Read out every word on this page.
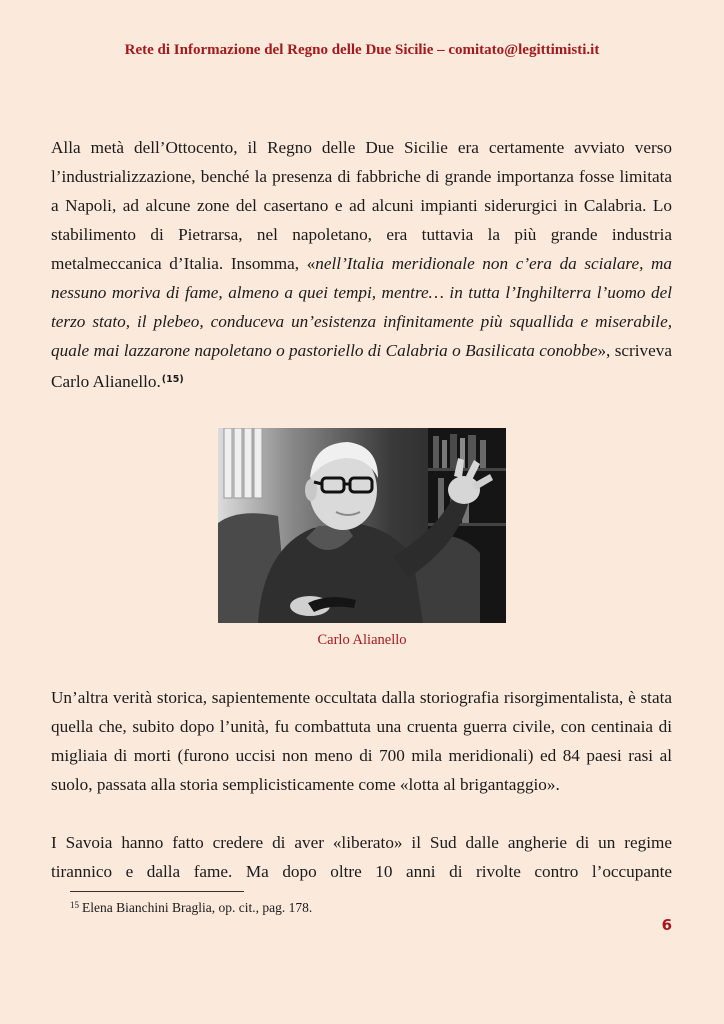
Rete di Informazione del Regno delle Due Sicilie – comitato@legittimisti.it
Alla metà dell’Ottocento, il Regno delle Due Sicilie era certamente avviato verso l’industrializzazione, benché la presenza di fabbriche di grande importanza fosse limitata a Napoli, ad alcune zone del casertano e ad alcuni impianti siderurgici in Calabria. Lo stabilimento di Pietrarsa, nel napoletano, era tuttavia la più grande industria metalmeccanica d’Italia. Insomma, «nell’Italia meridionale non c’era da scialare, ma nessuno moriva di fame, almeno a quei tempi, mentre… in tutta l’Inghilterra l’uomo del terzo stato, il plebeo, conduceva un’esistenza infinitamente più squallida e miserabile, quale mai lazzarone napoletano o pastoriello di Calabria o Basilicata conobbe», scriveva Carlo Alianello.$^{(15)}$
Carlo Alianello
Un’altra verità storica, sapientemente occultata dalla storiografia risorgimentalista, è stata quella che, subito dopo l’unità, fu combattuta una cruenta guerra civile, con centinaia di migliaia di morti (furono uccisi non meno di 700 mila meridionali) ed 84 paesi rasi al suolo, passata alla storia semplicisticamente come «lotta al brigantaggio».
I Savoia hanno fatto credere di aver «liberato» il Sud dalle angherie di un regime tirannico e dalla fame. Ma dopo oltre 10 anni di rivolte contro l’occupante
$^{15}$ Elena Bianchini Braglia, op. cit., pag. 178.
6
